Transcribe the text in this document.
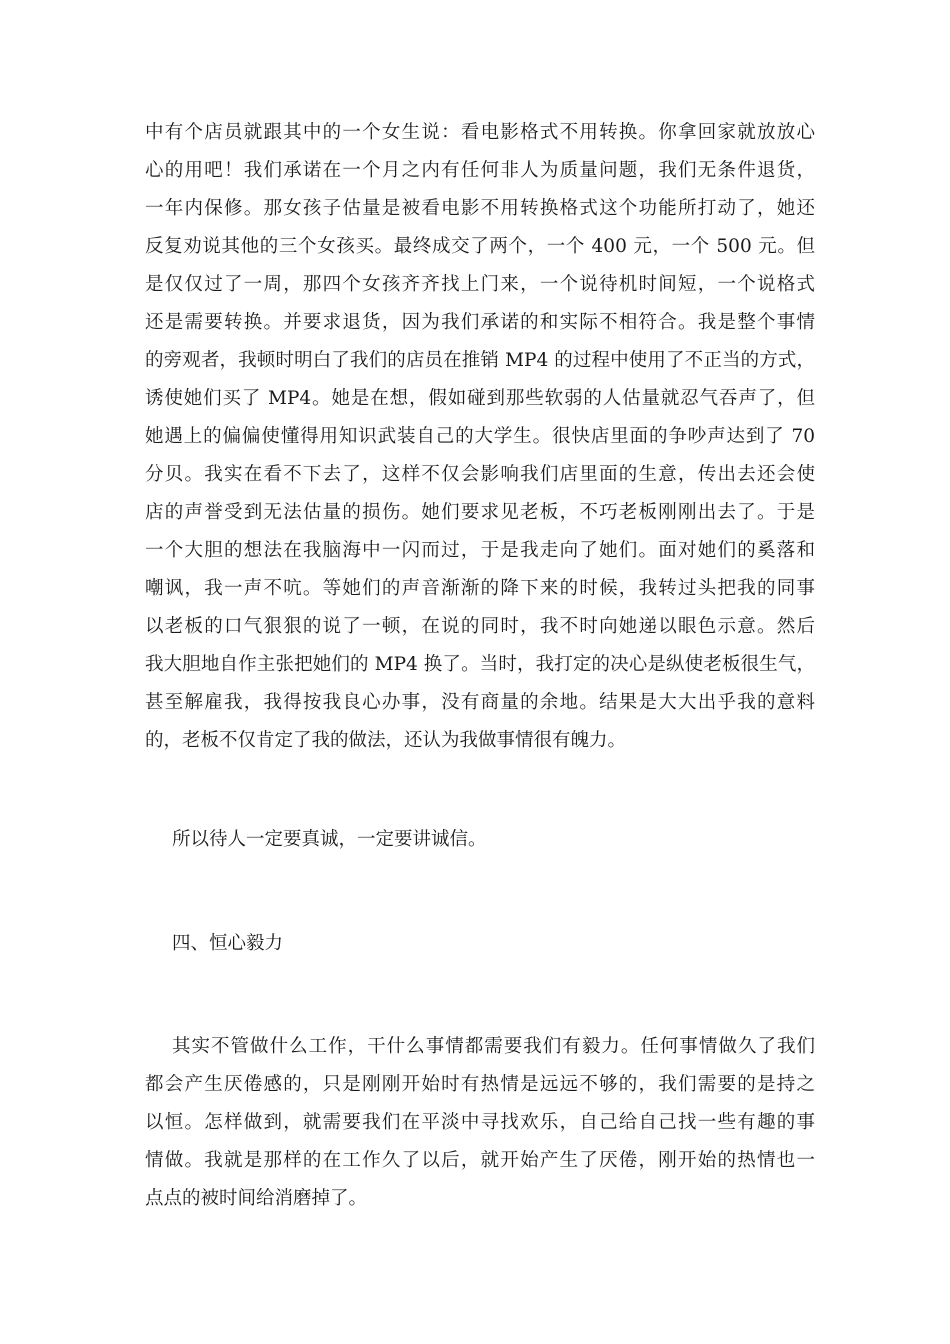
中有个店员就跟其中的一个女生说：看电影格式不用转换。你拿回家就放放心
心的用吧！我们承诺在一个月之内有任何非人为质量问题，我们无条件退货，
一年内保修。那女孩子估量是被看电影不用转换格式这个功能所打动了，她还
反复劝说其他的三个女孩买。最终成交了两个，一个 400 元，一个 500 元。但
是仅仅过了一周，那四个女孩齐齐找上门来，一个说待机时间短，一个说格式
还是需要转换。并要求退货，因为我们承诺的和实际不相符合。我是整个事情
的旁观者，我顿时明白了我们的店员在推销 MP4 的过程中使用了不正当的方式，
诱使她们买了 MP4。她是在想，假如碰到那些软弱的人估量就忍气吞声了，但
她遇上的偏偏使懂得用知识武装自己的大学生。很快店里面的争吵声达到了 70
分贝。我实在看不下去了，这样不仅会影响我们店里面的生意，传出去还会使
店的声誉受到无法估量的损伤。她们要求见老板，不巧老板刚刚出去了。于是
一个大胆的想法在我脑海中一闪而过，于是我走向了她们。面对她们的奚落和
嘲讽，我一声不吭。等她们的声音渐渐的降下来的时候，我转过头把我的同事
以老板的口气狠狠的说了一顿，在说的同时，我不时向她递以眼色示意。然后
我大胆地自作主张把她们的 MP4 换了。当时，我打定的决心是纵使老板很生气，
甚至解雇我，我得按我良心办事，没有商量的余地。结果是大大出乎我的意料
的，老板不仅肯定了我的做法，还认为我做事情很有魄力。
所以待人一定要真诚，一定要讲诚信。
四、恒心毅力
其实不管做什么工作，干什么事情都需要我们有毅力。任何事情做久了我们
都会产生厌倦感的，只是刚刚开始时有热情是远远不够的，我们需要的是持之
以恒。怎样做到，就需要我们在平淡中寻找欢乐，自己给自己找一些有趣的事
情做。我就是那样的在工作久了以后，就开始产生了厌倦，刚开始的热情也一
点点的被时间给消磨掉了。
